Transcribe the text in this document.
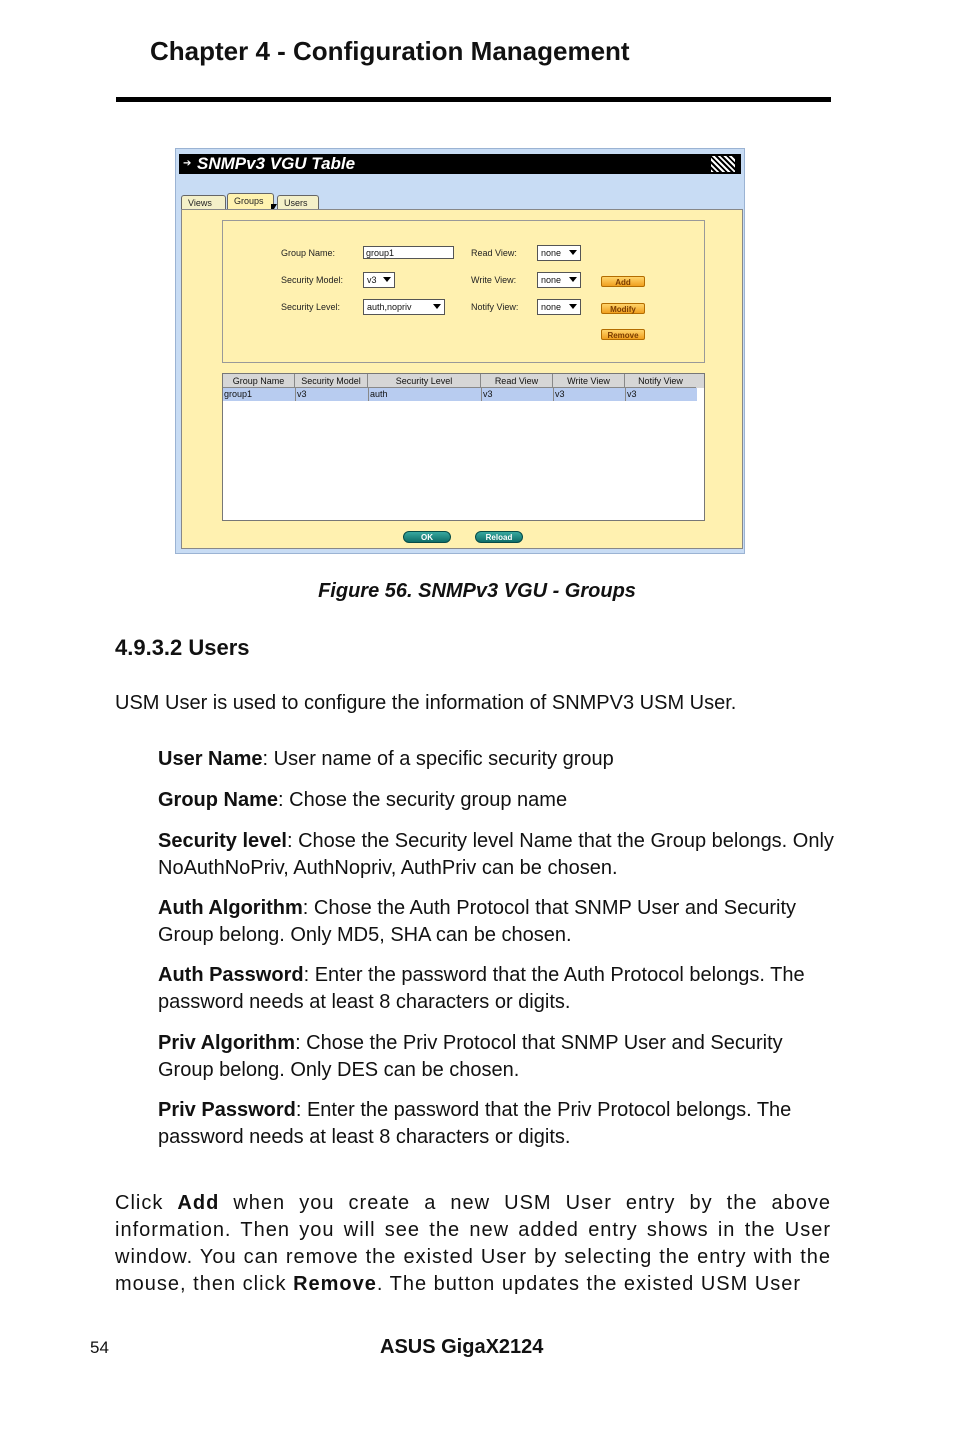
Chapter 4 - Configuration Management
➔ SNMPv3 VGU Table
Views	Groups	Users
Group Name:	group1
Security Model:	v3
Security Level:	auth,nopriv
Read View:	none
Write View:	none
Notify View:	none
Add
Modify
Remove
Group Name	Security Model	Security Level	Read View	Write View	Notify View
group1	v3	auth	v3	v3	v3
OK	Reload

Figure 56. SNMPv3 VGU - Groups

4.9.3.2 Users

USM User is used to configure the information of SNMPV3 USM User.

User Name: User name of a specific security group

Group Name: Chose the security group name

Security level: Chose the Security level Name that the Group belongs. Only NoAuthNoPriv, AuthNopriv, AuthPriv can be chosen.

Auth Algorithm: Chose the Auth Protocol that SNMP User and Security Group belong. Only MD5, SHA can be chosen.

Auth Password: Enter the password that the Auth Protocol belongs. The password needs at least 8 characters or digits.

Priv Algorithm: Chose the Priv Protocol that SNMP User and Security Group belong. Only DES can be chosen.

Priv Password: Enter the password that the Priv Protocol belongs. The password needs at least 8 characters or digits.

Click Add when you create a new USM User entry by the above information. Then you will see the new added entry shows in the User window. You can remove the existed User by selecting the entry with the mouse, then click Remove. The button updates the existed USM User

54	ASUS GigaX2124
